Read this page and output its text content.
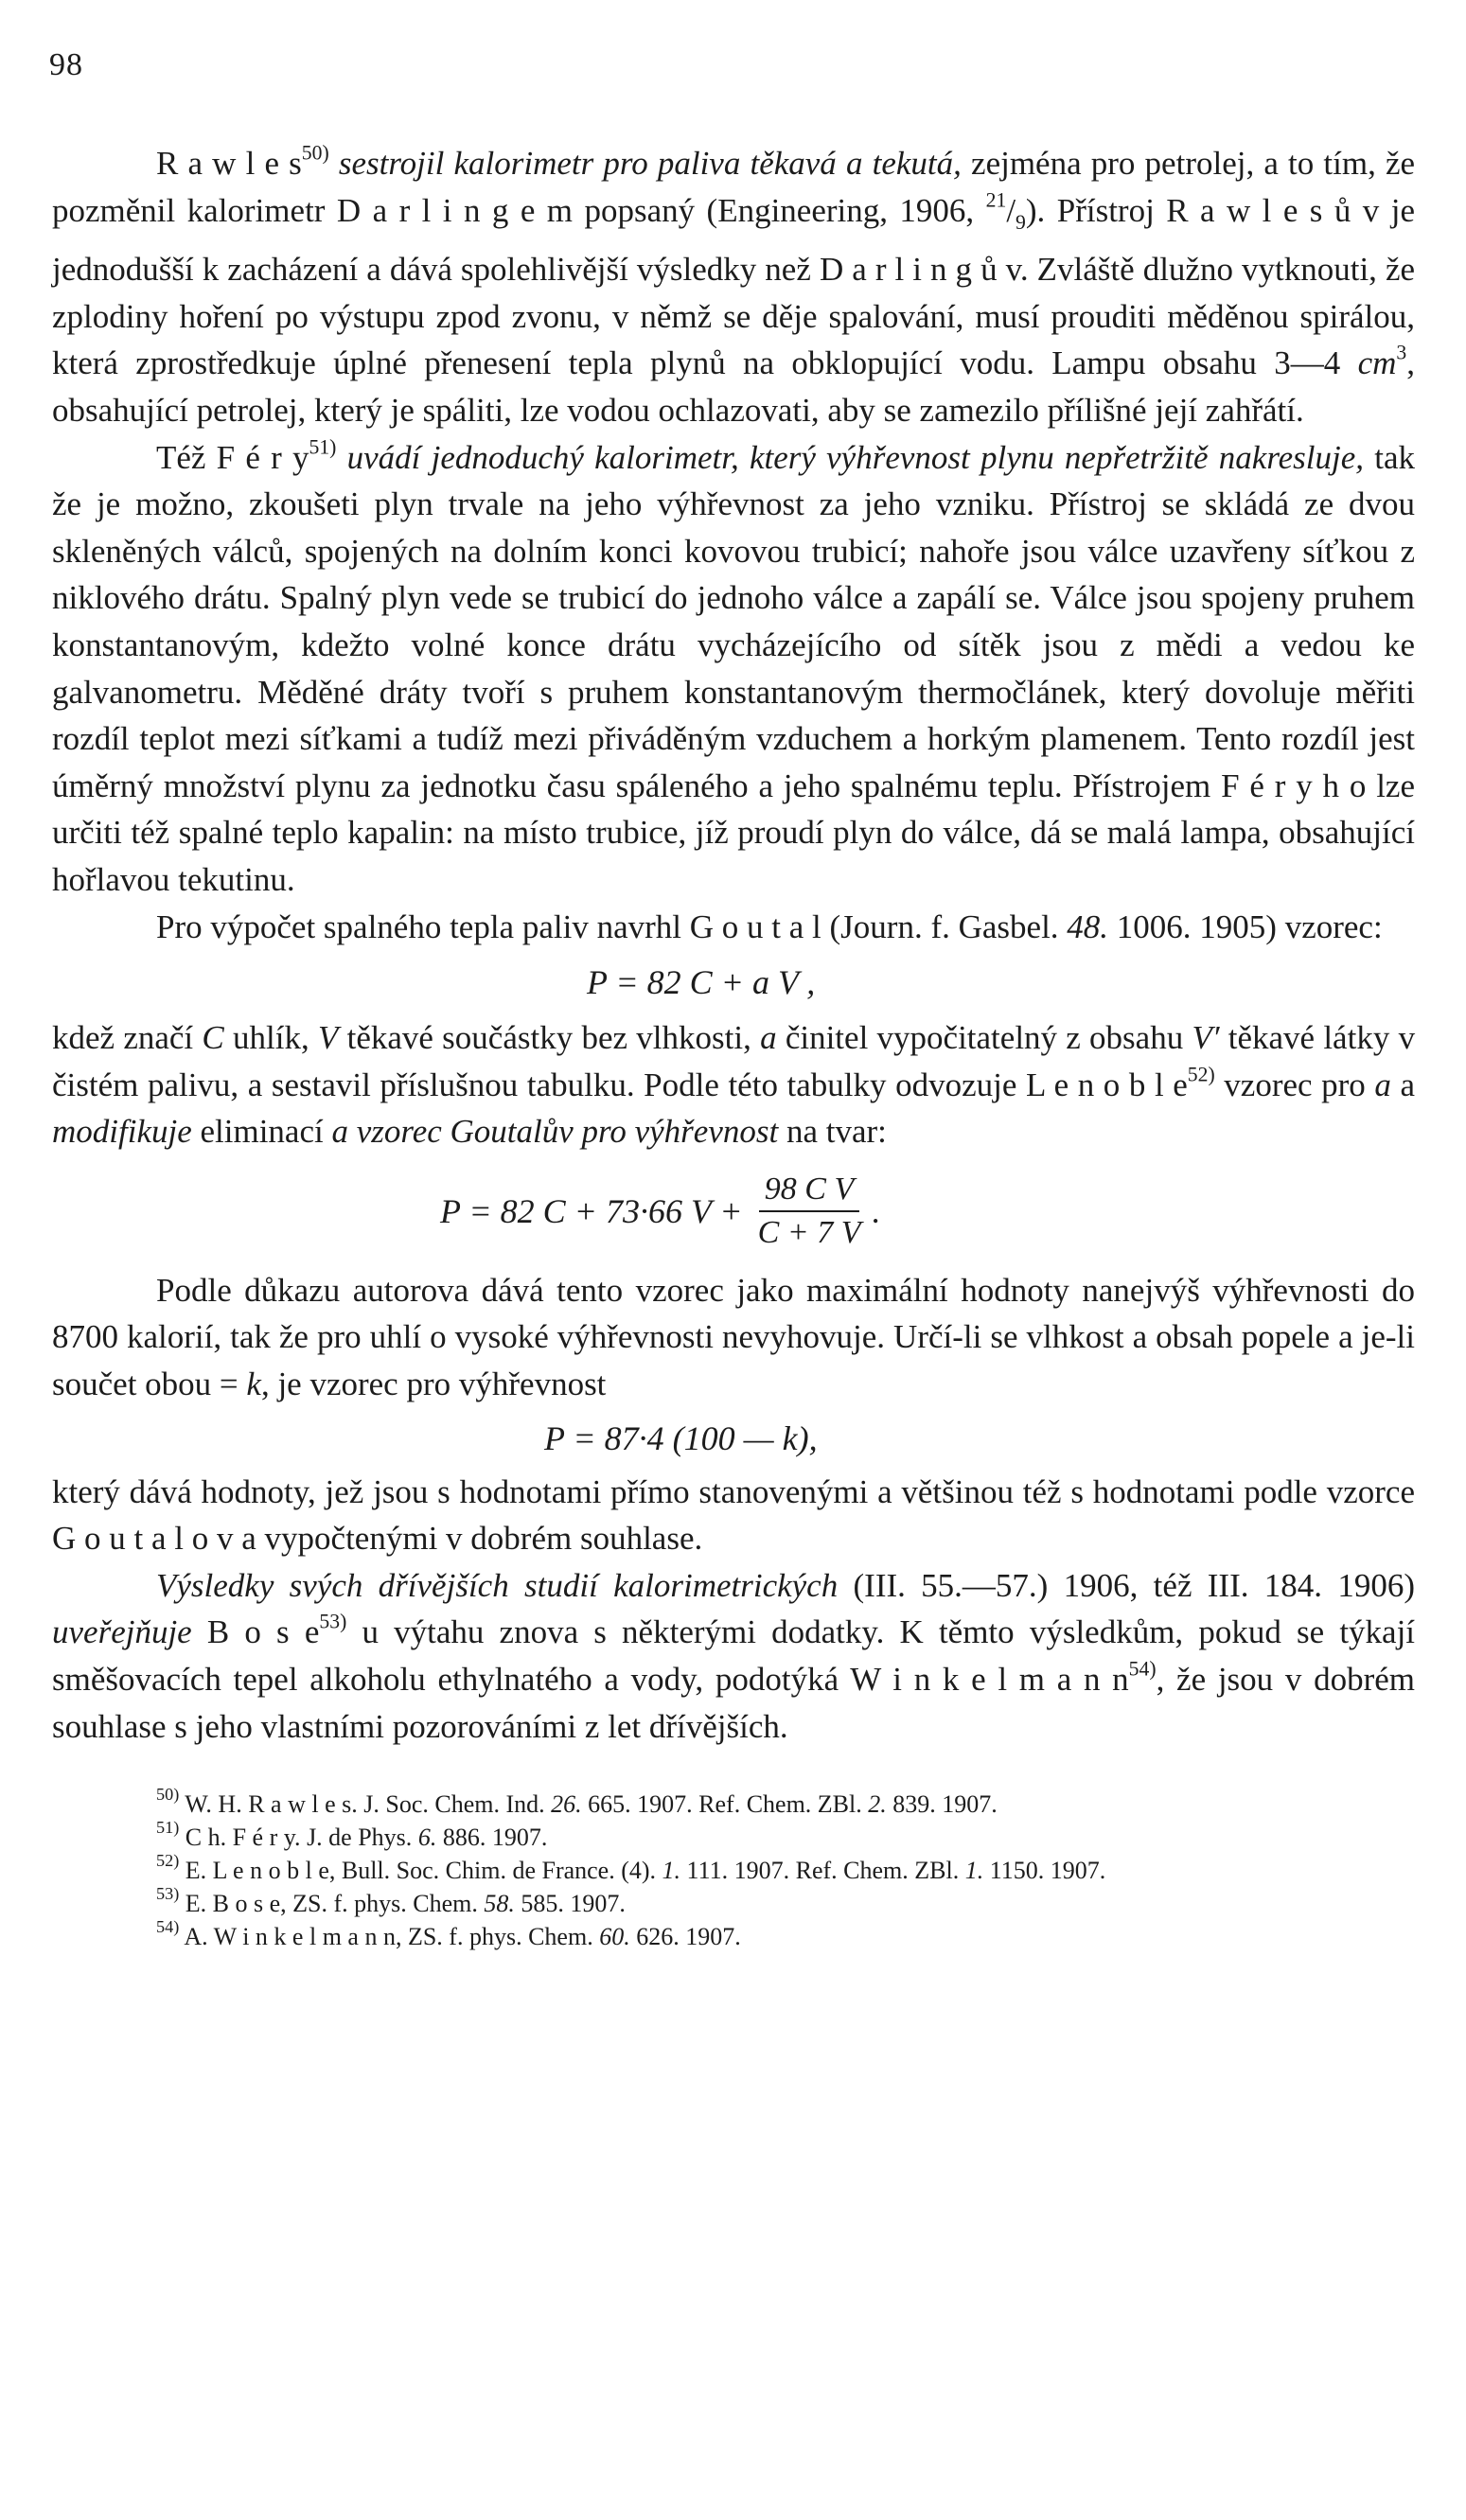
98

R a w l e $s^{50)}$ sestrojil kalorimetr pro paliva těkavá a tekutá, zejména pro petrolej, a to tím, že pozměnil kalorimetr D a r l i n g e m popsaný (Engineering, 1906, $^{21}/_9$). Přístroj R a w l e s ů v je jednodušší k zacházení a dává spolehlivější výsledky než D a r l i n g ů v. Zvláště dlužno vytknouti, že zplodiny hoření po výstupu zpod zvonu, v němž se děje spalování, musí prouditi měděnou spirálou, která zprostředkuje úplné přenesení tepla plynů na obklopující vodu. Lampu obsahu 3—4 $cm^3$, obsahující petrolej, který je spáliti, lze vodou ochlazovati, aby se zamezilo přílišné její zahřátí.

Též F é r $y^{51)}$ uvádí jednoduchý kalorimetr, který výhřevnost plynu nepřetržitě nakresluje, tak že je možno, zkoušeti plyn trvale na jeho výhřevnost za jeho vzniku. Přístroj se skládá ze dvou skleněných válců, spojených na dolním konci kovovou trubicí; nahoře jsou válce uzavřeny síťkou z niklového drátu. Spalný plyn vede se trubicí do jednoho válce a zapálí se. Válce jsou spojeny pruhem konstantanovým, kdežto volné konce drátu vycházejícího od sítěk jsou z mědi a vedou ke galvanometru. Měděné dráty tvoří s pruhem konstantanovým thermočlánek, který dovoluje měřiti rozdíl teplot mezi síťkami a tudíž mezi přiváděným vzduchem a horkým plamenem. Tento rozdíl jest úměrný množství plynu za jednotku času spáleného a jeho spalnému teplu. Přístrojem F é r y h o lze určiti též spalné teplo kapalin: na místo trubice, jíž proudí plyn do válce, dá se malá lampa, obsahující hořlavou tekutinu.

Pro výpočet spalného tepla paliv navrhl G o u t a l (Journ. f. Gasbel. 48. 1006. 1905) vzorec:

P = 82 C + a V ,

kdež značí C uhlík, V těkavé součástky bez vlhkosti, a činitel vypočitatelný z obsahu V′ těkavé látky v čistém palivu, a sestavil příslušnou tabulku. Podle této tabulky odvozuje L e n o b l $e^{52)}$ vzorec pro a a modifikuje eliminací a vzorec Goutalův pro výhřevnost na tvar:

P = 82 C + 73·66 $V + \frac{\text{98 C V}}{C + 7 V}$ .

Podle důkazu autorova dává tento vzorec jako maximální hodnoty nanejvýš výhřevnosti do 8700 kalorií, tak že pro uhlí o vysoké výhřevnosti nevyhovuje. Určí-li se vlhkost a obsah popele a je-li součet obou = k, je vzorec pro výhřevnost

P = 87·4 (100 — k),

který dává hodnoty, jež jsou s hodnotami přímo stanovenými a většinou též s hodnotami podle vzorce G o u t a l o v a vypočtenými v dobrém souhlase.

Výsledky svých dřívějších studií kalorimetrických (III. 55.—57.) 1906, též III. 184. 1906) uveřejňuje B o s $e^{53)}$ u výtahu znova s některými dodatky. K těmto výsledkům, pokud se týkají směšovacích tepel alkoholu ethylnatého a vody, podotýká W i n k e l m a n $n^{54)}$, že jsou v dobrém souhlase s jeho vlastními pozorováními z let dřívějších.

$^{50)}$ W. H. R a w l e s. J. Soc. Chem. Ind. 26. 665. 1907. Ref. Chem. ZBl. 2. 839. 1907.

$^{51)}$ C h. F é r y. J. de Phys. 6. 886. 1907.

$^{52)}$ E. L e n o b l e, Bull. Soc. Chim. de France. (4). 1. 111. 1907. Ref. Chem. ZBl. 1. 1150. 1907.

$^{53)}$ E. B o s e, ZS. f. phys. Chem. 58. 585. 1907.

$^{54)}$ A. W i n k e l m a n n, ZS. f. phys. Chem. 60. 626. 1907.
